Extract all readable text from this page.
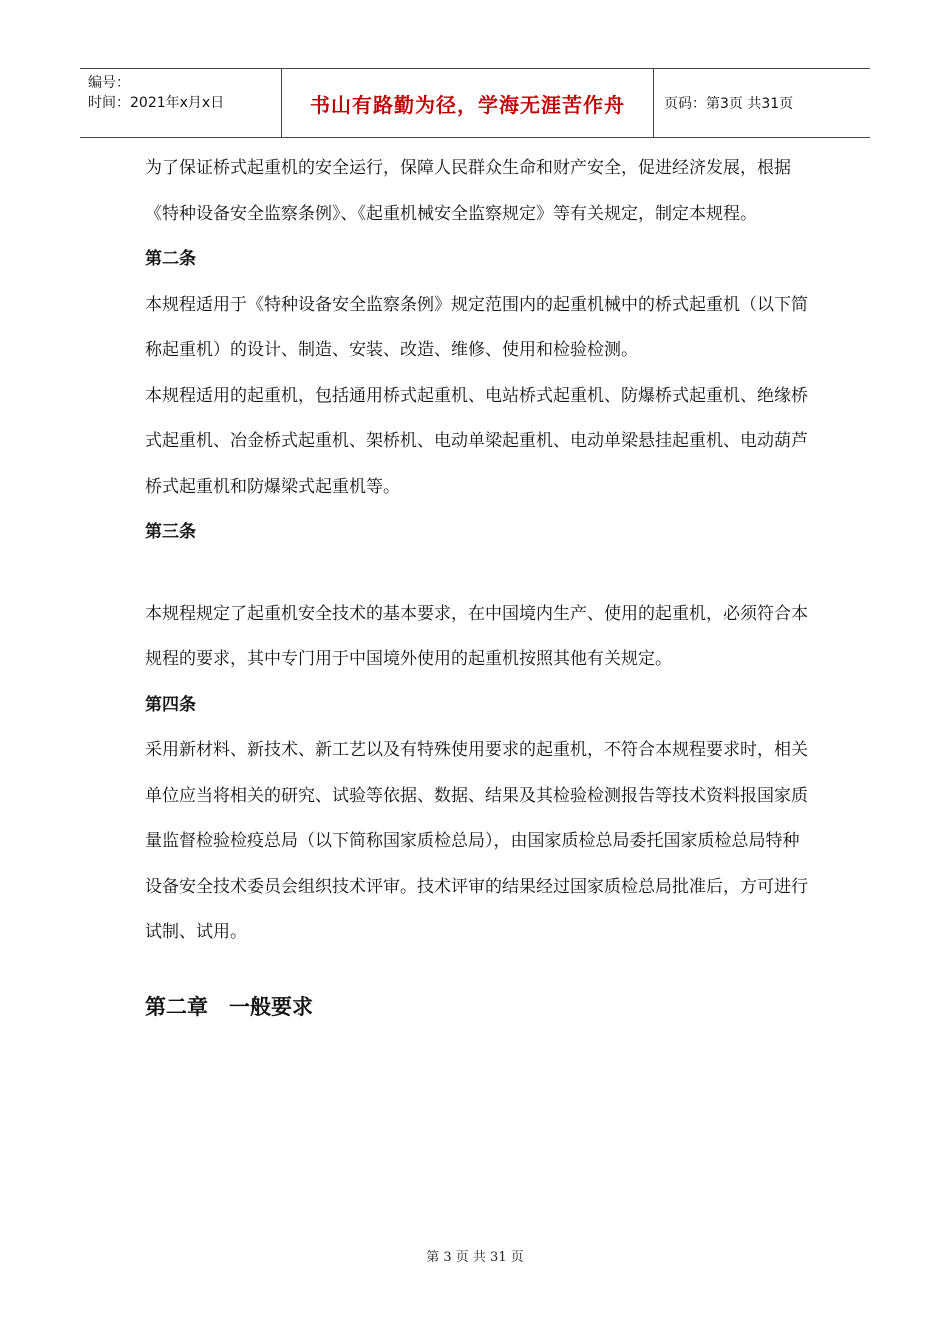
编号：
时间：2021年x月x日	书山有路勤为径，学海无涯苦作舟	页码：第3页 共31页

为了保证桥式起重机的安全运行，保障人民群众生命和财产安全，促进经济发展，根据《特种设备安全监察条例》、《起重机械安全监察规定》等有关规定，制定本规程。

第二条

本规程适用于《特种设备安全监察条例》规定范围内的起重机械中的桥式起重机（以下简称起重机）的设计、制造、安装、改造、维修、使用和检验检测。

本规程适用的起重机，包括通用桥式起重机、电站桥式起重机、防爆桥式起重机、绝缘桥式起重机、冶金桥式起重机、架桥机、电动单梁起重机、电动单梁悬挂起重机、电动葫芦桥式起重机和防爆梁式起重机等。

第三条

本规程规定了起重机安全技术的基本要求，在中国境内生产、使用的起重机，必须符合本规程的要求，其中专门用于中国境外使用的起重机按照其他有关规定。

第四条

采用新材料、新技术、新工艺以及有特殊使用要求的起重机，不符合本规程要求时，相关单位应当将相关的研究、试验等依据、数据、结果及其检验检测报告等技术资料报国家质量监督检验检疫总局（以下简称国家质检总局），由国家质检总局委托国家质检总局特种设备安全技术委员会组织技术评审。技术评审的结果经过国家质检总局批准后，方可进行试制、试用。

第二章　一般要求

第 3 页 共 31 页
